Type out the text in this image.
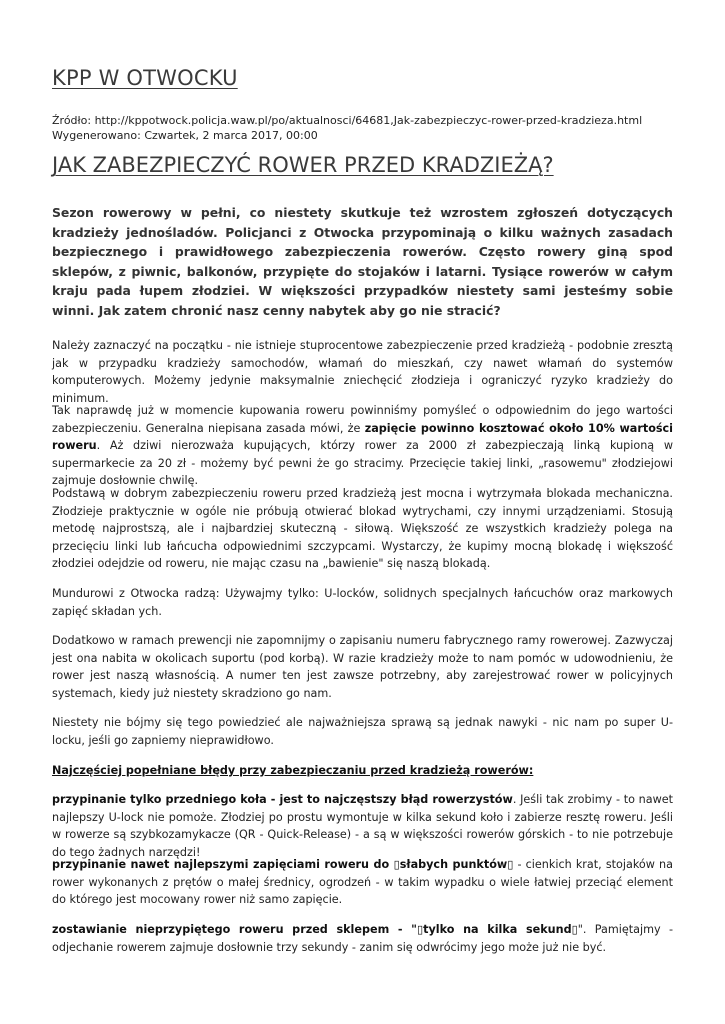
KPP W OTWOCKU
Źródło: http://kppotwock.policja.waw.pl/po/aktualnosci/64681,Jak-zabezpieczyc-rower-przed-kradzieza.html
Wygenerowano: Czwartek, 2 marca 2017, 00:00
JAK ZABEZPIECZYĆ ROWER PRZED KRADZIEŻĄ?

Sezon rowerowy w pełni, co niestety skutkuje też wzrostem zgłoszeń dotyczących kradzieży jednośladów. Policjanci z Otwocka przypominają o kilku ważnych zasadach bezpiecznego i prawidłowego zabezpieczenia rowerów. Często rowery giną spod sklepów, z piwnic, balkonów, przypięte do stojaków i latarni. Tysiące rowerów w całym kraju pada łupem złodziei. W większości przypadków niestety sami jesteśmy sobie winni. Jak zatem chronić nasz cenny nabytek aby go nie stracić?

Należy zaznaczyć na początku - nie istnieje stuprocentowe zabezpieczenie przed kradzieżą - podobnie zresztą jak w przypadku kradzieży samochodów, włamań do mieszkań, czy nawet włamań do systemów komputerowych. Możemy jedynie maksymalnie zniechęcić złodzieja i ograniczyć ryzyko kradzieży do minimum.

Tak naprawdę już w momencie kupowania roweru powinniśmy pomyśleć o odpowiednim do jego wartości zabezpieczeniu. Generalna niepisana zasada mówi, że zapięcie powinno kosztować około 10% wartości roweru. Aż dziwi nierozważa kupujących, którzy rower za 2000 zł zabezpieczają linką kupioną w supermarkecie za 20 zł - możemy być pewni że go stracimy. Przecięcie takiej linki, „rasowemu" złodziejowi zajmuje dosłownie chwilę.

Podstawą w dobrym zabezpieczeniu roweru przed kradzieżą jest mocna i wytrzymała blokada mechaniczna. Złodzieje praktycznie w ogóle nie próbują otwierać blokad wytrychami, czy innymi urządzeniami. Stosują metodę najprostszą, ale i najbardziej skuteczną - siłową. Większość ze wszystkich kradzieży polega na przecięciu linki lub łańcucha odpowiednimi szczypcami. Wystarczy, że kupimy mocną blokadę i większość złodziei odejdzie od roweru, nie mając czasu na „bawienie" się naszą blokadą.

Mundurowi z Otwocka radzą: Używajmy tylko: U-locków, solidnych specjalnych łańcuchów oraz markowych zapięć składan ych.

Dodatkowo w ramach prewencji nie zapomnijmy o zapisaniu numeru fabrycznego ramy rowerowej. Zazwyczaj jest ona nabita w okolicach suportu (pod korbą). W razie kradzieży może to nam pomóc w udowodnieniu, że rower jest naszą własnością. A numer ten jest zawsze potrzebny, aby zarejestrować rower w policyjnych systemach, kiedy już niestety skradziono go nam.

Niestety nie bójmy się tego powiedzieć ale najważniejsza sprawą są jednak nawyki - nic nam po super U-locku, jeśli go zapniemy nieprawidłowo.

Najczęściej popełniane błędy przy zabezpieczaniu przed kradzieżą rowerów:

przypinanie tylko przedniego koła - jest to najczęstszy błąd rowerzystów. Jeśli tak zrobimy - to nawet najlepszy U-lock nie pomoże. Złodziej po prostu wymontuje w kilka sekund koło i zabierze resztę roweru. Jeśli w rowerze są szybkozamykacze (QR - Quick-Release) - a są w większości rowerów górskich - to nie potrzebuje do tego żadnych narzędzi!

przypinanie nawet najlepszymi zapięciami roweru do ▯słabych punktów▯ - cienkich krat, stojaków na rower wykonanych z prętów o małej średnicy, ogrodzeń - w takim wypadku o wiele łatwiej przeciąć element do którego jest mocowany rower niż samo zapięcie.

zostawianie nieprzypiętego roweru przed sklepem - "▯tylko na kilka sekund▯". Pamiętajmy - odjechanie rowerem zajmuje dosłownie trzy sekundy - zanim się odwrócimy jego może już nie być.
